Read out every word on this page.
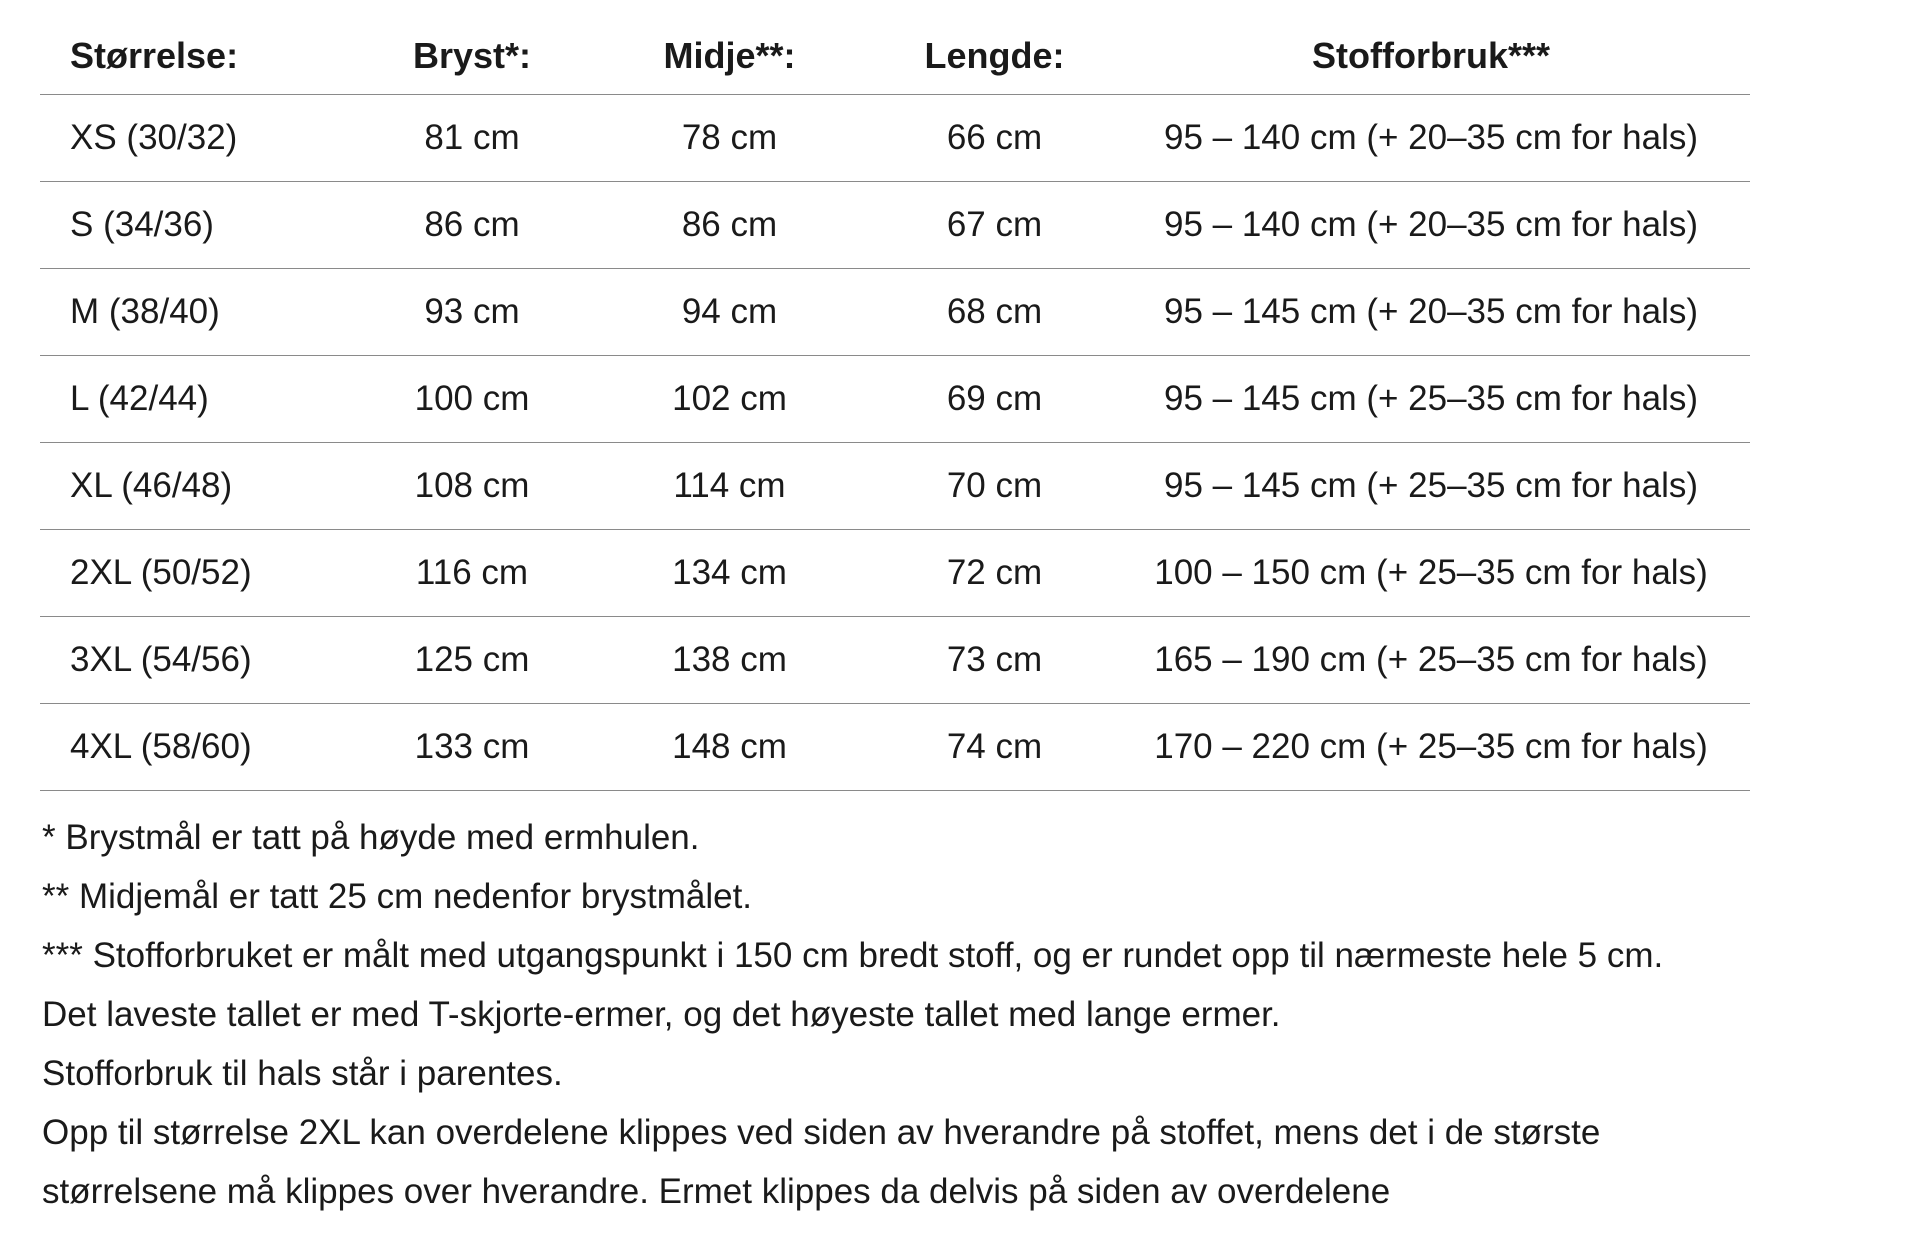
Størrelse:	Bryst*:	Midje**:	Lengde:	Stofforbruk***
XS (30/32)	81 cm	78 cm	66 cm	95 – 140 cm (+ 20–35 cm for hals)
S (34/36)	86 cm	86 cm	67 cm	95 – 140 cm (+ 20–35 cm for hals)
M (38/40)	93 cm	94 cm	68 cm	95 – 145 cm (+ 20–35 cm for hals)
L (42/44)	100 cm	102 cm	69 cm	95 – 145 cm (+ 25–35 cm for hals)
XL (46/48)	108 cm	114 cm	70 cm	95 – 145 cm (+ 25–35 cm for hals)
2XL (50/52)	116 cm	134 cm	72 cm	100 – 150 cm (+ 25–35 cm for hals)
3XL (54/56)	125 cm	138 cm	73 cm	165 – 190 cm (+ 25–35 cm for hals)
4XL (58/60)	133 cm	148 cm	74 cm	170 – 220 cm (+ 25–35 cm for hals)
* Brystmål er tatt på høyde med ermhulen.
** Midjemål er tatt 25 cm nedenfor brystmålet.
*** Stofforbruket er målt med utgangspunkt i 150 cm bredt stoff, og er rundet opp til nærmeste hele 5 cm.
Det laveste tallet er med T-skjorte-ermer, og det høyeste tallet med lange ermer.
Stofforbruk til hals står i parentes.
Opp til størrelse 2XL kan overdelene klippes ved siden av hverandre på stoffet, mens det i de største
størrelsene må klippes over hverandre. Ermet klippes da delvis på siden av overdelene
